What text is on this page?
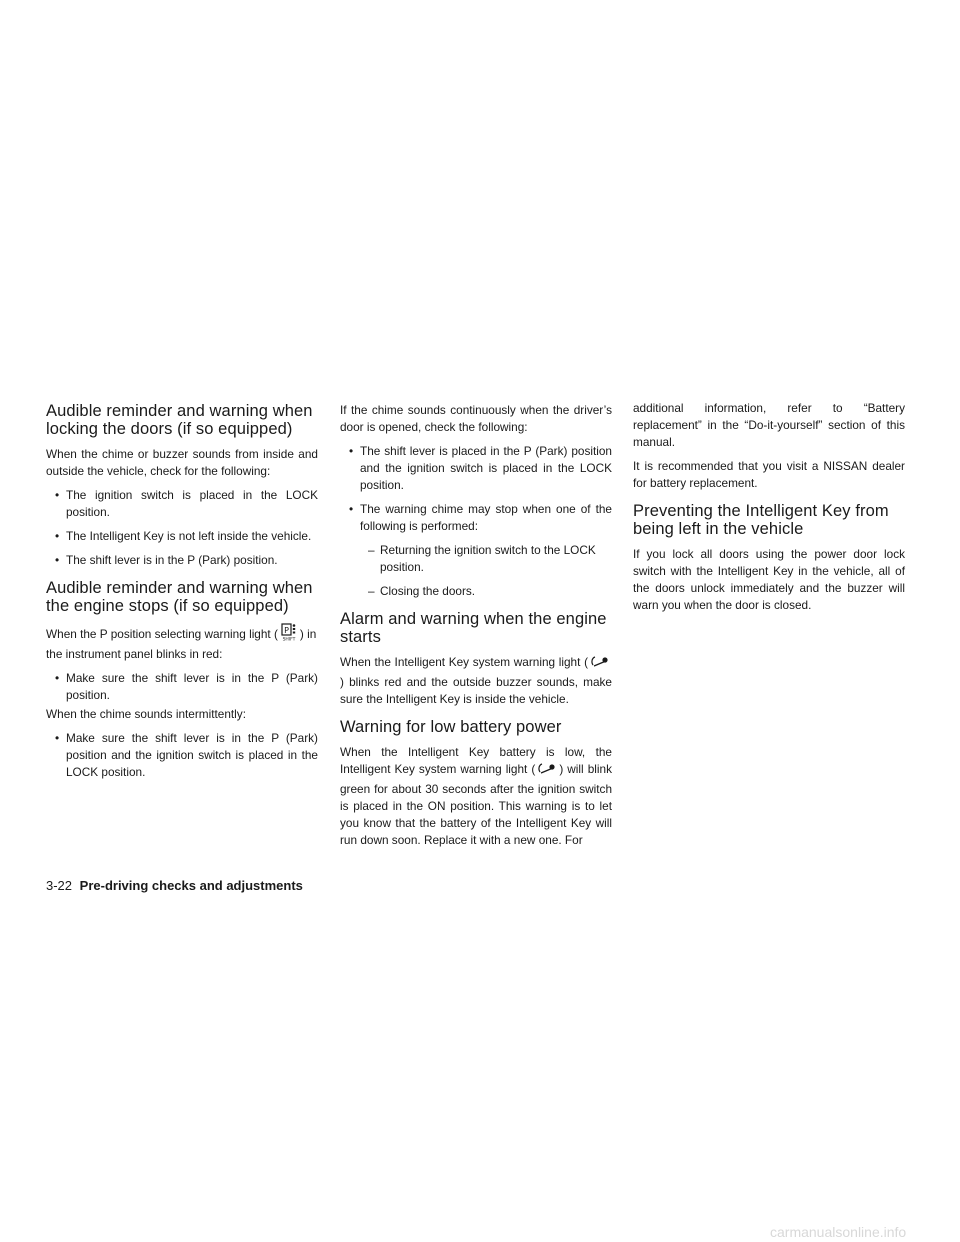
Audible reminder and warning when locking the doors (if so equipped)

When the chime or buzzer sounds from inside and outside the vehicle, check for the following:

• The ignition switch is placed in the LOCK position.
• The Intelligent Key is not left inside the vehicle.
• The shift lever is in the P (Park) position.
Audible reminder and warning when the engine stops (if so equipped)

When the P position selecting warning light ( P
SHIFT ) in the instrument panel blinks in red:

• Make sure the shift lever is in the P (Park) position.

When the chime sounds intermittently:

• Make sure the shift lever is in the P (Park) position and the ignition switch is placed in the LOCK position.

If the chime sounds continuously when the driver’s door is opened, check the following:

• The shift lever is placed in the P (Park) position and the ignition switch is placed in the LOCK position.
• The warning chime may stop when one of the following is performed:
– Returning the ignition switch to the LOCK position.
– Closing the doors.
Alarm and warning when the engine starts

When the Intelligent Key system warning light () blinks red and the outside buzzer sounds, make sure the Intelligent Key is inside the vehicle.

Warning for low battery power

When the Intelligent Key battery is low, the Intelligent Key system warning light ( ) will blink green for about 30 seconds after the ignition switch is placed in the ON position. This warning is to let you know that the battery of the Intelligent Key will run down soon. Replace it with a new one. For

additional information, refer to “Battery replacement” in the “Do-it-yourself” section of this manual.

It is recommended that you visit a NISSAN dealer for battery replacement.

Preventing the Intelligent Key from being left in the vehicle

If you lock all doors using the power door lock switch with the Intelligent Key in the vehicle, all of the doors unlock immediately and the buzzer will warn you when the door is closed.

3-22 Pre-driving checks and adjustments
carmanualsonline.info
